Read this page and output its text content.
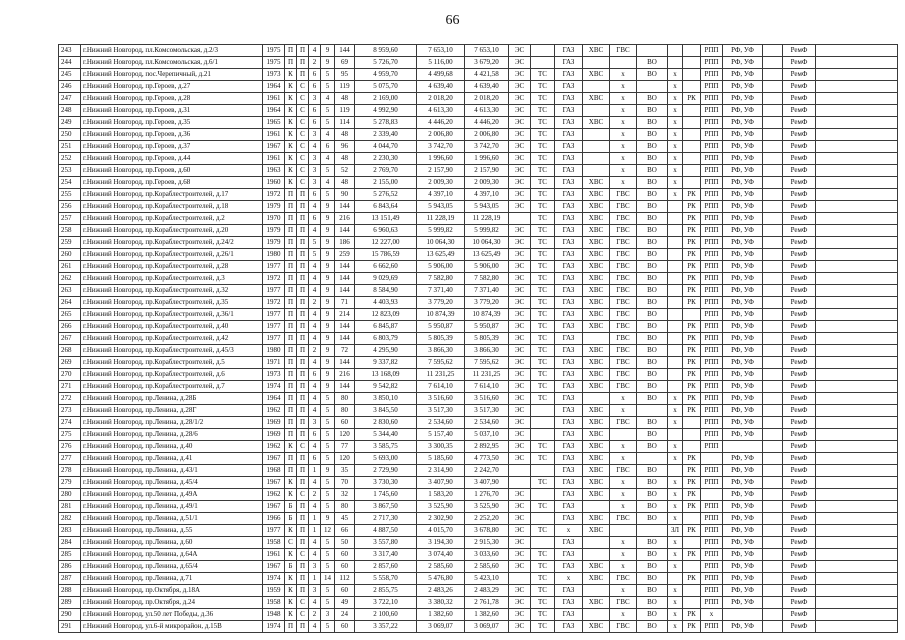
66
243	г.Нижний Новгород, пл.Комсомольская, д.2/3	1975	П	П	4	9	144	8 959,60	7 653,10	7 653,10	ЭС		ГАЗ	ХВС	ГВС				РПП	РФ, УФ		РемФ	
244	г.Нижний Новгород, пл.Комсомольская, д.6/1	1975	П	П	2	9	69	5 726,70	5 116,00	3 679,20	ЭС		ГАЗ			ВО			РПП	РФ, УФ		РемФ	
245	г.Нижний Новгород, пос.Черепичный, д.21	1973	К	П	6	5	95	4 959,70	4 499,68	4 421,58	ЭС	ТС	ГАЗ	ХВС	х	ВО	х		РПП	РФ, УФ		РемФ	
246	г.Нижний Новгород, пр.Героев, д.27	1964	К	С	6	5	119	5 075,70	4 639,40	4 639,40	ЭС	ТС	ГАЗ		х		х		РПП	РФ, УФ		РемФ	
247	г.Нижний Новгород, пр.Героев, д.28	1961	К	С	3	4	48	2 169,00	2 018,20	2 018,20	ЭС	ТС	ГАЗ	ХВС	х	ВО	х	РК	РПП	РФ, УФ		РемФ	
248	г.Нижний Новгород, пр.Героев, д.31	1964	К	С	6	5	119	4 992,90	4 613,30	4 613,30	ЭС	ТС	ГАЗ		х	ВО	х		РПП	РФ, УФ		РемФ	
249	г.Нижний Новгород, пр.Героев, д.35	1965	К	С	6	5	114	5 278,83	4 446,20	4 446,20	ЭС	ТС	ГАЗ	ХВС	х	ВО	х		РПП	РФ, УФ		РемФ	
250	г.Нижний Новгород, пр.Героев, д.36	1961	К	С	3	4	48	2 339,40	2 006,80	2 006,80	ЭС	ТС	ГАЗ		х	ВО	х		РПП	РФ, УФ		РемФ	
251	г.Нижний Новгород, пр.Героев, д.37	1967	К	С	4	6	96	4 044,70	3 742,70	3 742,70	ЭС	ТС	ГАЗ		х	ВО	х		РПП	РФ, УФ		РемФ	
252	г.Нижний Новгород, пр.Героев, д.44	1961	К	С	3	4	48	2 230,30	1 996,60	1 996,60	ЭС	ТС	ГАЗ		х	ВО	х		РПП	РФ, УФ		РемФ	
253	г.Нижний Новгород, пр.Героев, д.60	1963	К	С	3	5	52	2 769,70	2 157,90	2 157,90	ЭС	ТС	ГАЗ		х	ВО	х		РПП	РФ, УФ		РемФ	
254	г.Нижний Новгород, пр.Героев, д.68	1960	К	С	3	4	48	2 155,00	2 009,30	2 009,30	ЭС	ТС	ГАЗ	ХВС	х	ВО	х		РПП	РФ, УФ		РемФ	
255	г.Нижний Новгород, пр.Кораблестроителей, д.17	1972	П	П	6	5	90	5 276,52	4 397,10	4 397,10	ЭС	ТС	ГАЗ	ХВС	ГВС	ВО	х	РК	РПП	РФ, УФ		РемФ	
256	г.Нижний Новгород, пр.Кораблестроителей, д.18	1979	П	П	4	9	144	6 843,64	5 943,05	5 943,05	ЭС	ТС	ГАЗ	ХВС	ГВС	ВО		РК	РПП	РФ, УФ		РемФ	
257	г.Нижний Новгород, пр.Кораблестроителей, д.2	1970	П	П	6	9	216	13 151,49	11 228,19	11 228,19		ТС	ГАЗ	ХВС	ГВС	ВО		РК	РПП	РФ, УФ		РемФ	
258	г.Нижний Новгород, пр.Кораблестроителей, д.20	1979	П	П	4	9	144	6 960,63	5 999,82	5 999,82	ЭС	ТС	ГАЗ	ХВС	ГВС	ВО		РК	РПП	РФ, УФ		РемФ	
259	г.Нижний Новгород, пр.Кораблестроителей, д.24/2	1979	П	П	5	9	186	12 227,00	10 064,30	10 064,30	ЭС	ТС	ГАЗ	ХВС	ГВС	ВО		РК	РПП	РФ, УФ		РемФ	
260	г.Нижний Новгород, пр.Кораблестроителей, д.26/1	1980	П	П	5	9	259	15 786,59	13 625,49	13 625,49	ЭС	ТС	ГАЗ	ХВС	ГВС	ВО		РК	РПП	РФ, УФ		РемФ	
261	г.Нижний Новгород, пр.Кораблестроителей, д.28	1977	П	П	4	9	144	6 662,60	5 906,00	5 906,00	ЭС	ТС	ГАЗ	ХВС	ГВС	ВО		РК	РПП	РФ, УФ		РемФ	
262	г.Нижний Новгород, пр.Кораблестроителей, д.3	1972	П	П	4	9	144	9 029,69	7 582,80	7 582,80	ЭС	ТС	ГАЗ	ХВС	ГВС	ВО		РК	РПП	РФ, УФ		РемФ	
263	г.Нижний Новгород, пр.Кораблестроителей, д.32	1977	П	П	4	9	144	8 584,90	7 371,40	7 371,40	ЭС	ТС	ГАЗ	ХВС	ГВС	ВО		РК	РПП	РФ, УФ		РемФ	
264	г.Нижний Новгород, пр.Кораблестроителей, д.35	1972	П	П	2	9	71	4 403,93	3 779,20	3 779,20	ЭС	ТС	ГАЗ	ХВС	ГВС	ВО		РК	РПП	РФ, УФ		РемФ	
265	г.Нижний Новгород, пр.Кораблестроителей, д.36/1	1977	П	П	4	9	214	12 823,09	10 874,39	10 874,39	ЭС	ТС	ГАЗ	ХВС	ГВС	ВО			РПП	РФ, УФ		РемФ	
266	г.Нижний Новгород, пр.Кораблестроителей, д.40	1977	П	П	4	9	144	6 845,87	5 950,87	5 950,87	ЭС	ТС	ГАЗ	ХВС	ГВС	ВО		РК	РПП	РФ, УФ		РемФ	
267	г.Нижний Новгород, пр.Кораблестроителей, д.42	1977	П	П	4	9	144	6 803,79	5 805,39	5 805,39	ЭС	ТС	ГАЗ		ГВС	ВО		РК	РПП	РФ, УФ		РемФ	
268	г.Нижний Новгород, пр.Кораблестроителей, д.45/3	1980	П	П	2	9	72	4 295,90	3 866,30	3 866,30	ЭС	ТС	ГАЗ	ХВС	ГВС	ВО		РК	РПП	РФ, УФ		РемФ	
269	г.Нижний Новгород, пр.Кораблестроителей, д.5	1971	П	П	4	9	144	9 337,82	7 595,62	7 595,62	ЭС	ТС	ГАЗ	ХВС	ГВС	ВО		РК	РПП	РФ, УФ		РемФ	
270	г.Нижний Новгород, пр.Кораблестроителей, д.6	1973	П	П	6	9	216	13 168,09	11 231,25	11 231,25	ЭС	ТС	ГАЗ	ХВС	ГВС	ВО		РК	РПП	РФ, УФ		РемФ	
271	г.Нижний Новгород, пр.Кораблестроителей, д.7	1974	П	П	4	9	144	9 542,82	7 614,10	7 614,10	ЭС	ТС	ГАЗ	ХВС	ГВС	ВО		РК	РПП	РФ, УФ		РемФ	
272	г.Нижний Новгород, пр.Ленина, д.28Б	1964	П	П	4	5	80	3 850,10	3 516,60	3 516,60	ЭС	ТС	ГАЗ		х	ВО	х	РК	РПП	РФ, УФ		РемФ	
273	г.Нижний Новгород, пр.Ленина, д.28Г	1962	П	П	4	5	80	3 845,50	3 517,30	3 517,30	ЭС		ГАЗ	ХВС	х		х	РК	РПП	РФ, УФ		РемФ	
274	г.Нижний Новгород, пр.Ленина, д.28/1/2	1969	П	П	3	5	60	2 830,60	2 534,60	2 534,60	ЭС		ГАЗ	ХВС	ГВС	ВО	х		РПП	РФ, УФ		РемФ	
275	г.Нижний Новгород, пр.Ленина, д.28/6	1969	П	П	6	5	120	5 344,40	5 157,40	5 037,10	ЭС		ГАЗ	ХВС		ВО			РПП	РФ, УФ		РемФ	
276	г.Нижний Новгород, пр.Ленина, д.40	1962	К	С	4	5	77	3 585,75	3 300,35	2 892,95	ЭС	ТС	ГАЗ	ХВС	х	ВО	х		РПП			РемФ	
277	г.Нижний Новгород, пр.Ленина, д.41	1967	П	П	6	5	120	5 693,00	5 185,60	4 773,50	ЭС	ТС	ГАЗ	ХВС	х		х	РК		РФ, УФ		РемФ	
278	г.Нижний Новгород, пр.Ленина, д.43/1	1968	П	П	1	9	35	2 729,90	2 314,90	2 242,70			ГАЗ	ХВС	ГВС	ВО		РК	РПП	РФ, УФ		РемФ	
279	г.Нижний Новгород, пр.Ленина, д.45/4	1967	К	П	4	5	70	3 730,30	3 407,90	3 407,90		ТС	ГАЗ	ХВС	х	ВО	х	РК	РПП	РФ, УФ		РемФ	
280	г.Нижний Новгород, пр.Ленина, д.49А	1962	К	С	2	5	32	1 745,60	1 583,20	1 276,70	ЭС		ГАЗ	ХВС	х	ВО	х	РК		РФ, УФ		РемФ	
281	г.Нижний Новгород, пр.Ленина, д.49/1	1967	Б	П	4	5	80	3 867,50	3 525,90	3 525,90	ЭС	ТС	ГАЗ		х	ВО	х	РК	РПП	РФ, УФ		РемФ	
282	г.Нижний Новгород, пр.Ленина, д.51/1	1966	Б	П	1	9	45	2 717,30	2 302,90	2 252,20	ЭС		ГАЗ	ХВС	ГВС	ВО	х		РПП	РФ, УФ		РемФ	
283	г.Нижний Новгород, пр.Ленина, д.55	1977	К	П	1	12	66	4 887,50	4 015,70	3 678,80	ЭС	ТС	х	ХВС			ЗЛ	РК	РПП	РФ, УФ		РемФ	
284	г.Нижний Новгород, пр.Ленина, д.60	1958	С	П	4	5	50	3 557,80	3 194,30	2 915,30	ЭС		ГАЗ		х	ВО	х		РПП	РФ, УФ		РемФ	
285	г.Нижний Новгород, пр.Ленина, д.64А	1961	К	С	4	5	60	3 317,40	3 074,40	3 033,60	ЭС	ТС	ГАЗ		х	ВО	х	РК	РПП	РФ, УФ		РемФ	
286	г.Нижний Новгород, пр.Ленина, д.65/4	1967	Б	П	3	5	60	2 857,60	2 585,60	2 585,60	ЭС	ТС	ГАЗ	ХВС	х	ВО	х		РПП	РФ, УФ		РемФ	
287	г.Нижний Новгород, пр.Ленина, д.71	1974	К	П	1	14	112	5 558,70	5 476,80	5 423,10		ТС	х	ХВС	ГВС	ВО		РК	РПП	РФ, УФ		РемФ	
288	г.Нижний Новгород, пр.Октября, д.18А	1959	К	П	3	5	60	2 855,75	2 483,26	2 483,29	ЭС	ТС	ГАЗ		х	ВО	х		РПП	РФ, УФ		РемФ	
289	г.Нижний Новгород, пр.Октября, д.24	1958	К	С	4	5	49	3 722,10	3 380,32	2 761,78	ЭС	ТС	ГАЗ	ХВС	ГВС	ВО	х		РПП	РФ, УФ		РемФ	
290	г.Нижний Новгород, ул.50 лет Победы, д.36	1948	К	С	2	3	24	2 100,60	1 382,60	1 382,60	ЭС	ТС	ГАЗ		х	ВО	х	РК	х			РемФ	
291	г.Нижний Новгород, ул.6-й микрорайон, д.15В	1974	П	П	4	5	60	3 357,22	3 069,07	3 069,07	ЭС	ТС	ГАЗ	ХВС	ГВС	ВО	х	РК	РПП	РФ, УФ		РемФ	
